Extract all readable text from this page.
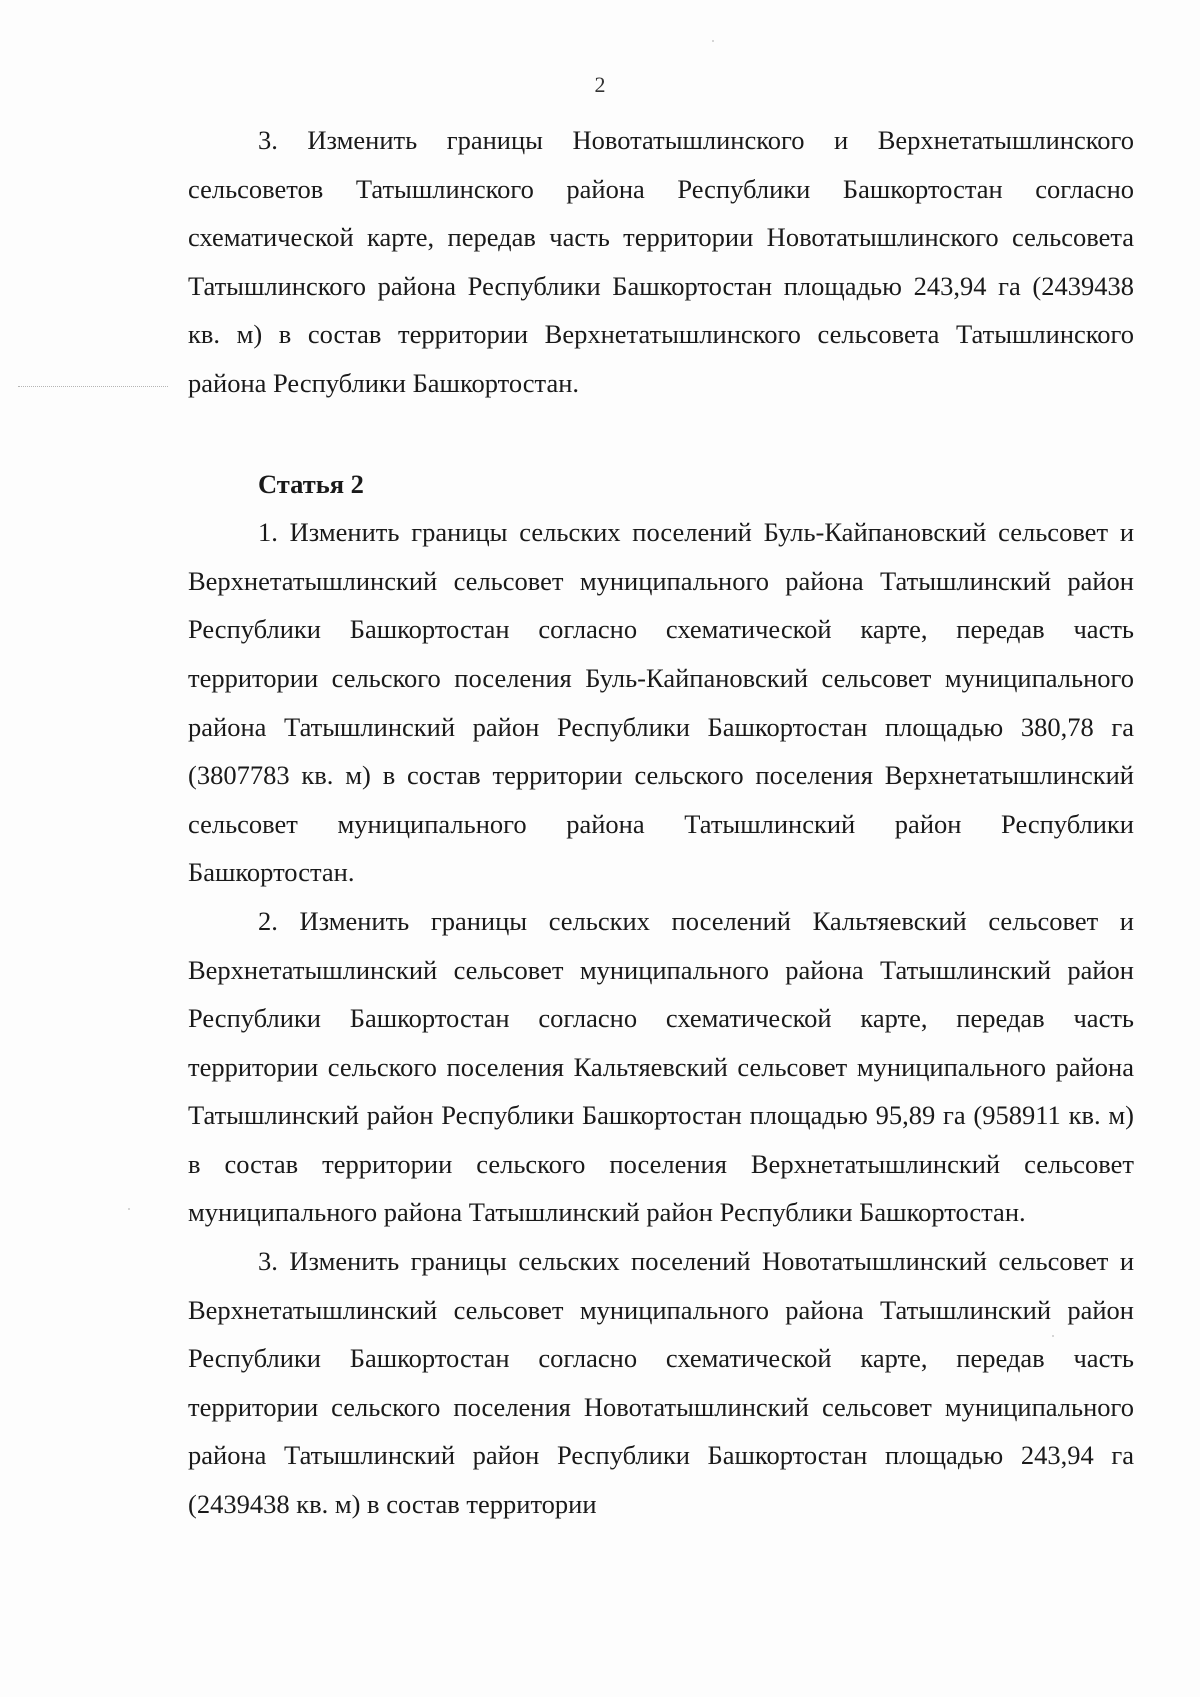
2

3. Изменить границы Новотатышлинского и Верхнетатышлинского сельсоветов Татышлинского района Республики Башкортостан согласно схематической карте, передав часть территории Новотатышлинского сельсовета Татышлинского района Республики Башкортостан площадью 243,94 га (2439438 кв. м) в состав территории Верхнетатышлинского сельсовета Татышлинского района Республики Башкортостан.

Статья 2

1. Изменить границы сельских поселений Буль-Кайпановский сельсовет и Верхнетатышлинский сельсовет муниципального района Татышлинский район Республики Башкортостан согласно схематической карте, передав часть территории сельского поселения Буль-Кайпановский сельсовет муниципального района Татышлинский район Республики Башкортостан площадью 380,78 га (3807783 кв. м) в состав территории сельского поселения Верхнетатышлинский сельсовет муниципального района Татышлинский район Республики Башкортостан.

2. Изменить границы сельских поселений Кальтяевский сельсовет и Верхнетатышлинский сельсовет муниципального района Татышлинский район Республики Башкортостан согласно схематической карте, передав часть территории сельского поселения Кальтяевский сельсовет муниципального района Татышлинский район Республики Башкортостан площадью 95,89 га (958911 кв. м) в состав территории сельского поселения Верхнетатышлинский сельсовет муниципального района Татышлинский район Республики Башкортостан.

3. Изменить границы сельских поселений Новотатышлинский сельсовет и Верхнетатышлинский сельсовет муниципального района Татышлинский район Республики Башкортостан согласно схематической карте, передав часть территории сельского поселения Новотатышлинский сельсовет муниципального района Татышлинский район Республики Башкортостан площадью 243,94 га (2439438 кв. м) в состав территории
